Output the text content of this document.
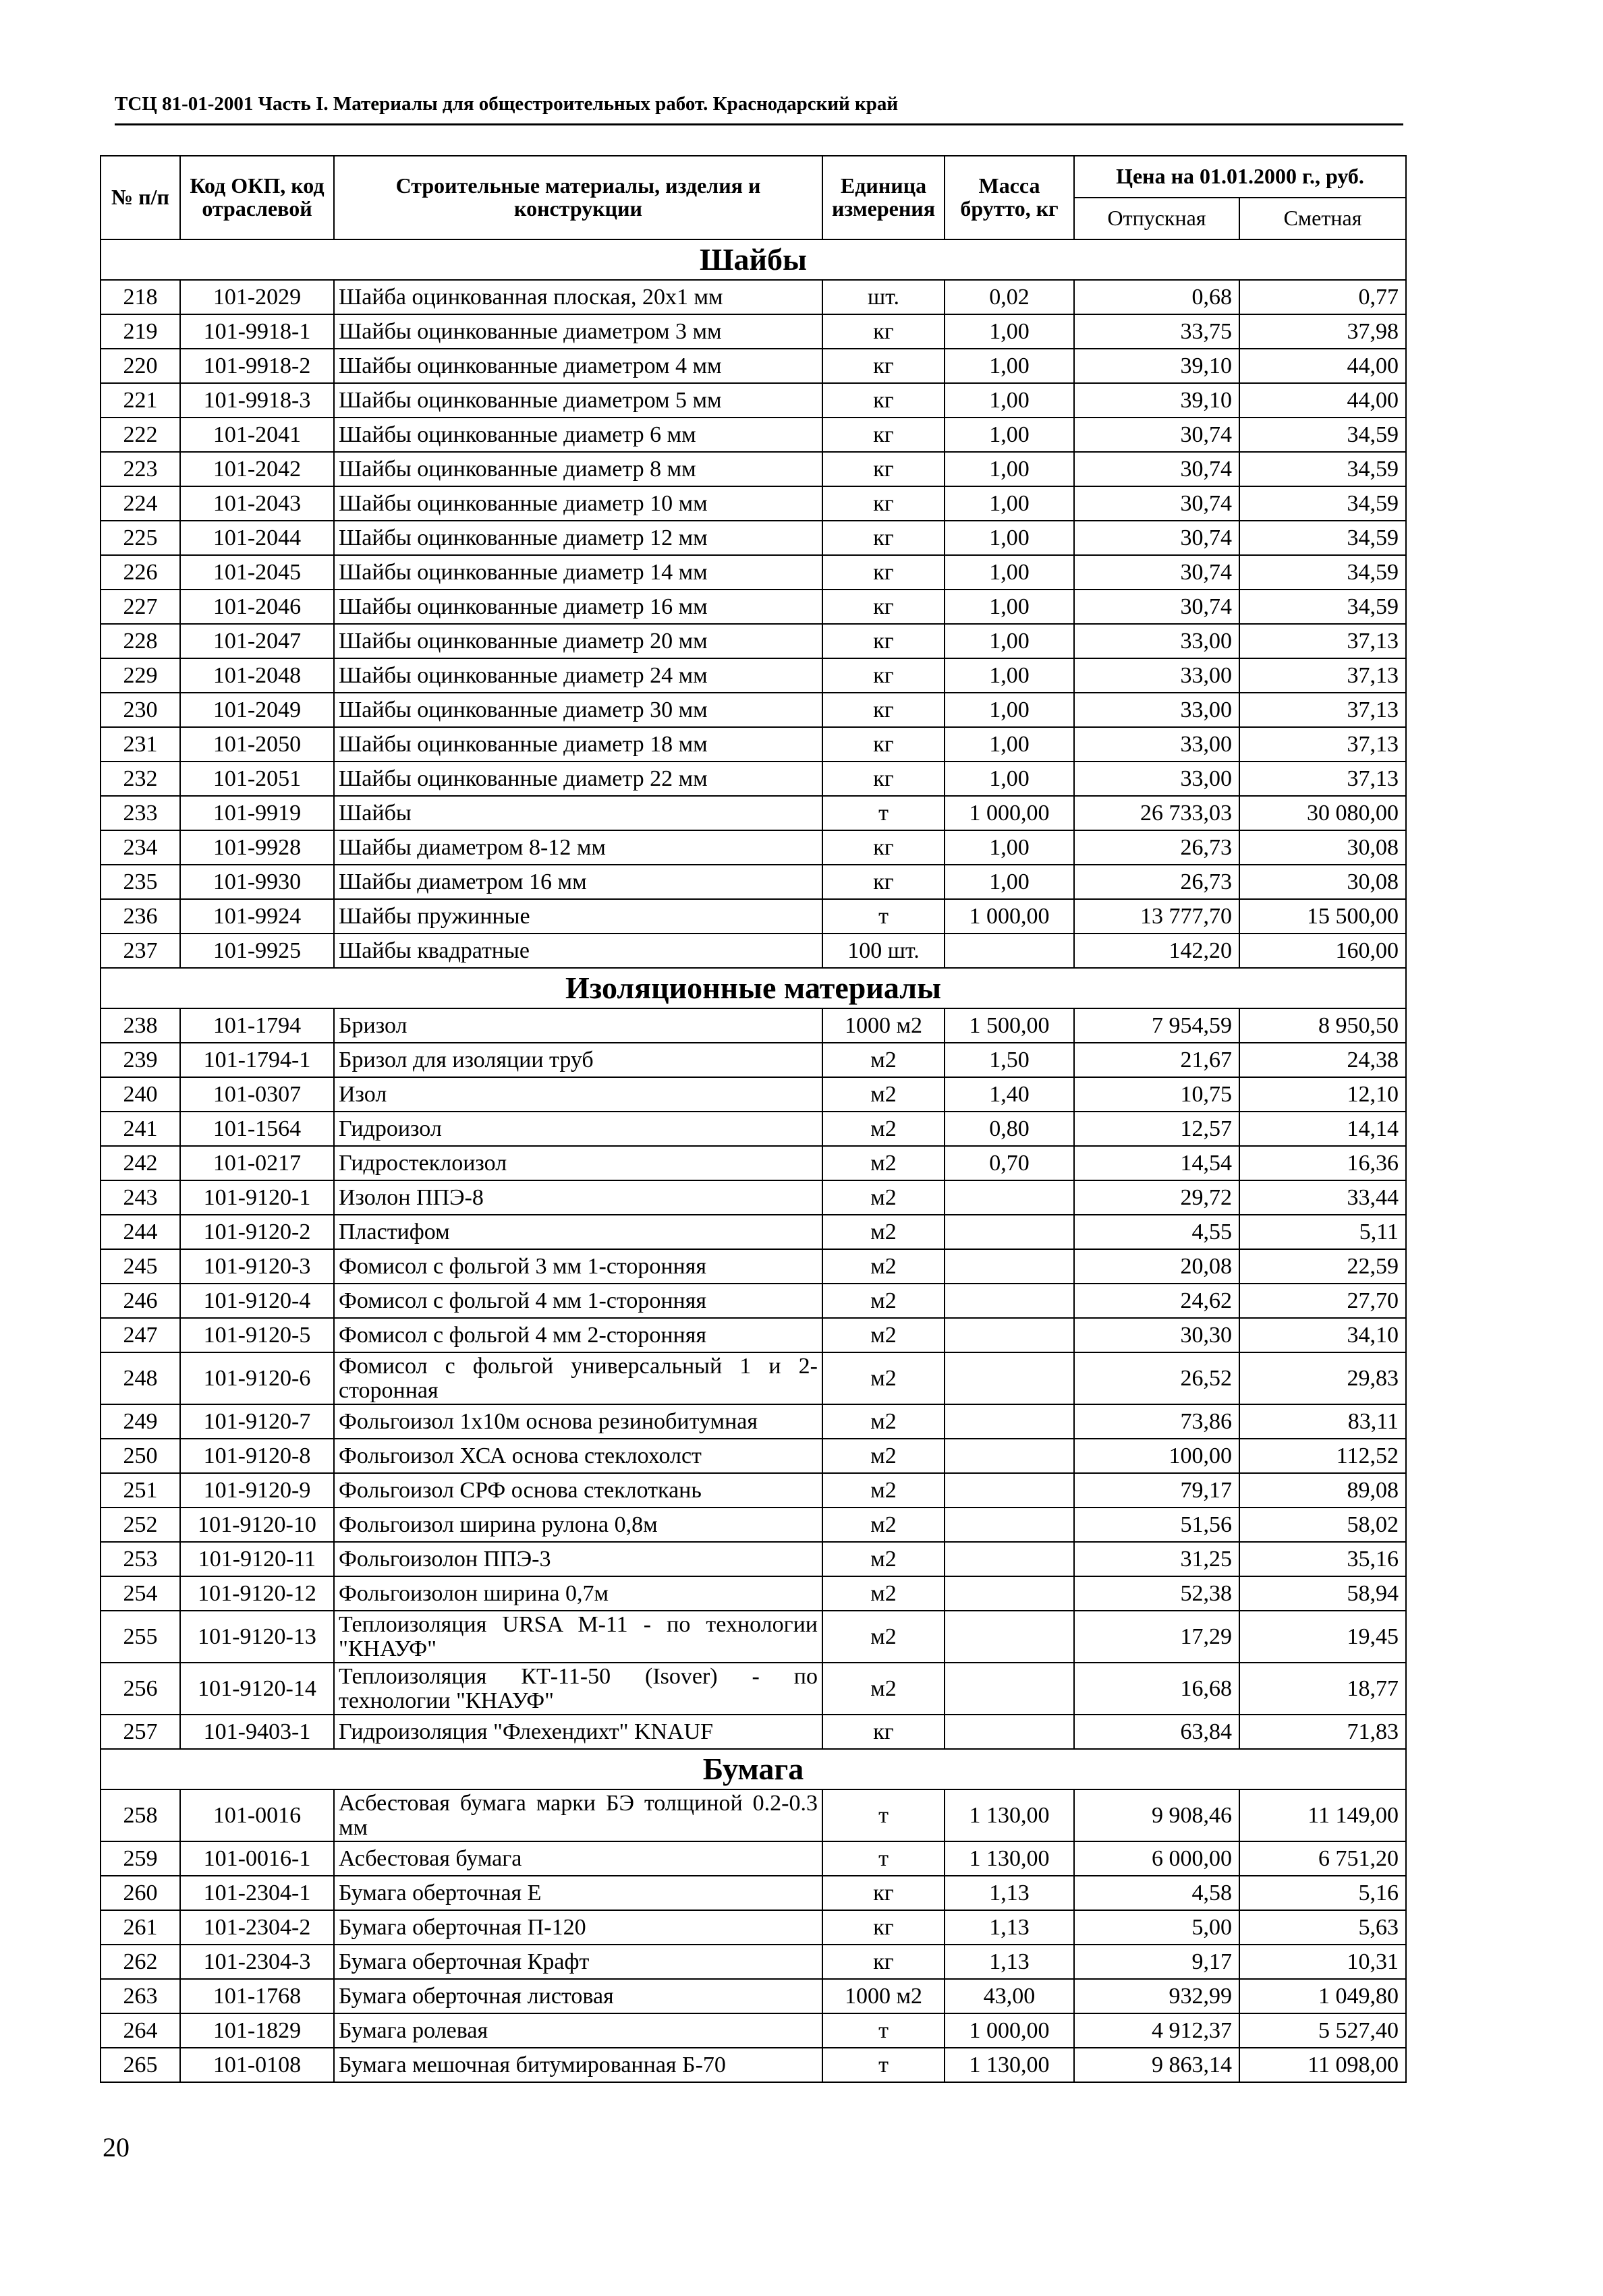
ТСЦ 81-01-2001 Часть I. Материалы для общестроительных работ. Краснодарский край
№ п/п	Код ОКП, код отраслевой	Строительные материалы, изделия и конструкции	Единица измерения	Масса брутто, кг	Цена на 01.01.2000 г., руб.	
					Отпускная	Сметная
Шайбы						
218	101-2029	Шайба оцинкованная плоская, 20х1 мм	шт.	0,02	0,68	0,77
219	101-9918-1	Шайбы оцинкованные диаметром 3 мм	кг	1,00	33,75	37,98
220	101-9918-2	Шайбы оцинкованные диаметром 4 мм	кг	1,00	39,10	44,00
221	101-9918-3	Шайбы оцинкованные диаметром 5 мм	кг	1,00	39,10	44,00
222	101-2041	Шайбы оцинкованные диаметр 6 мм	кг	1,00	30,74	34,59
223	101-2042	Шайбы оцинкованные диаметр 8 мм	кг	1,00	30,74	34,59
224	101-2043	Шайбы оцинкованные диаметр 10 мм	кг	1,00	30,74	34,59
225	101-2044	Шайбы оцинкованные диаметр 12 мм	кг	1,00	30,74	34,59
226	101-2045	Шайбы оцинкованные диаметр 14 мм	кг	1,00	30,74	34,59
227	101-2046	Шайбы оцинкованные диаметр 16 мм	кг	1,00	30,74	34,59
228	101-2047	Шайбы оцинкованные диаметр 20 мм	кг	1,00	33,00	37,13
229	101-2048	Шайбы оцинкованные диаметр 24 мм	кг	1,00	33,00	37,13
230	101-2049	Шайбы оцинкованные диаметр 30 мм	кг	1,00	33,00	37,13
231	101-2050	Шайбы оцинкованные диаметр 18 мм	кг	1,00	33,00	37,13
232	101-2051	Шайбы оцинкованные диаметр 22 мм	кг	1,00	33,00	37,13
233	101-9919	Шайбы	т	1 000,00	26 733,03	30 080,00
234	101-9928	Шайбы диаметром 8-12 мм	кг	1,00	26,73	30,08
235	101-9930	Шайбы диаметром 16 мм	кг	1,00	26,73	30,08
236	101-9924	Шайбы пружинные	т	1 000,00	13 777,70	15 500,00
237	101-9925	Шайбы квадратные	100 шт.		142,20	160,00
Изоляционные материалы						
238	101-1794	Бризол	1000 м2	1 500,00	7 954,59	8 950,50
239	101-1794-1	Бризол для изоляции труб	м2	1,50	21,67	24,38
240	101-0307	Изол	м2	1,40	10,75	12,10
241	101-1564	Гидроизол	м2	0,80	12,57	14,14
242	101-0217	Гидростеклоизол	м2	0,70	14,54	16,36
243	101-9120-1	Изолон ППЭ-8	м2		29,72	33,44
244	101-9120-2	Пластифом	м2		4,55	5,11
245	101-9120-3	Фомисол с фольгой 3 мм 1-сторонняя	м2		20,08	22,59
246	101-9120-4	Фомисол с фольгой 4 мм 1-сторонняя	м2		24,62	27,70
247	101-9120-5	Фомисол с фольгой 4 мм 2-сторонняя	м2		30,30	34,10
248	101-9120-6	Фомисол с фольгой универсальный 1 и 2-сторонная	м2		26,52	29,83
249	101-9120-7	Фольгоизол 1х10м основа резинобитумная	м2		73,86	83,11
250	101-9120-8	Фольгоизол ХСА основа стеклохолст	м2		100,00	112,52
251	101-9120-9	Фольгоизол СРФ основа стеклоткань	м2		79,17	89,08
252	101-9120-10	Фольгоизол ширина рулона 0,8м	м2		51,56	58,02
253	101-9120-11	Фольгоизолон ППЭ-3	м2		31,25	35,16
254	101-9120-12	Фольгоизолон ширина 0,7м	м2		52,38	58,94
255	101-9120-13	Теплоизоляция URSA М-11 - по технологии "КНАУФ"	м2		17,29	19,45
256	101-9120-14	Теплоизоляция КТ-11-50 (Isover) - по технологии "КНАУФ"	м2		16,68	18,77
257	101-9403-1	Гидроизоляция "Флехендихт" KNAUF	кг		63,84	71,83
Бумага						
258	101-0016	Асбестовая бумага марки БЭ толщиной 0.2-0.3 мм	т	1 130,00	9 908,46	11 149,00
259	101-0016-1	Асбестовая бумага	т	1 130,00	6 000,00	6 751,20
260	101-2304-1	Бумага оберточная Е	кг	1,13	4,58	5,16
261	101-2304-2	Бумага оберточная П-120	кг	1,13	5,00	5,63
262	101-2304-3	Бумага оберточная Крафт	кг	1,13	9,17	10,31
263	101-1768	Бумага оберточная листовая	1000 м2	43,00	932,99	1 049,80
264	101-1829	Бумага ролевая	т	1 000,00	4 912,37	5 527,40
265	101-0108	Бумага мешочная битумированная Б-70	т	1 130,00	9 863,14	11 098,00
20
